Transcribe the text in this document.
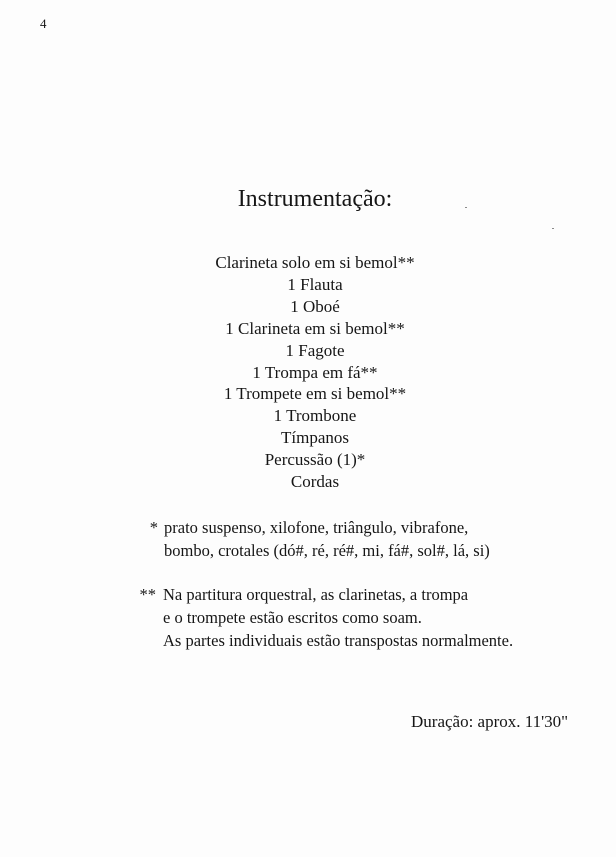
4
Instrumentação:
Clarineta solo em si bemol**
1 Flauta
1 Oboé
1 Clarineta em si bemol**
1 Fagote
1 Trompa em fá**
1 Trompete em si bemol**
1 Trombone
Tímpanos
Percussão (1)*
Cordas
* prato suspenso, xilofone, triângulo, vibrafone,
bombo, crotales (dó#, ré, ré#, mi, fá#, sol#, lá, si)
** Na partitura orquestral, as clarinetas, a trompa
e o trompete estão escritos como soam.
As partes individuais estão transpostas normalmente.
Duração: aprox. 11'30"
